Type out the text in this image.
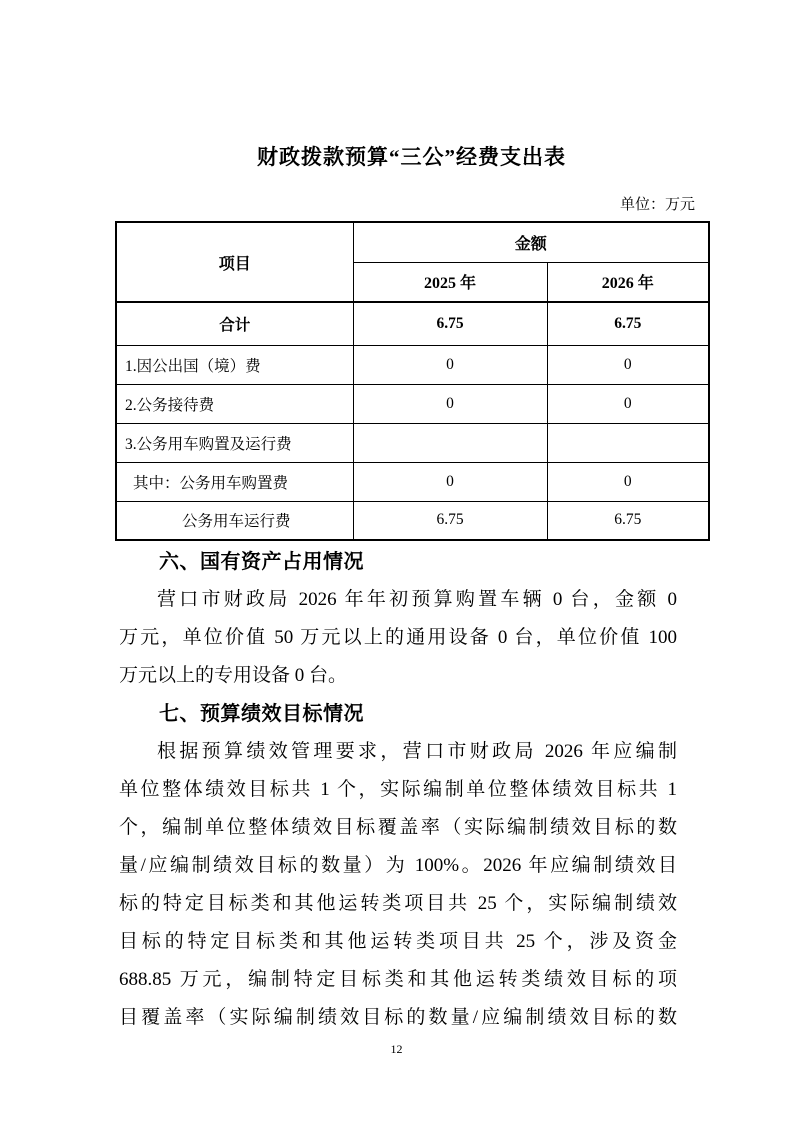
财政拨款预算“三公”经费支出表
单位：万元
项目	金额	
	2025 年	2026 年
合计	6.75	6.75
1.因公出国（境）费	0	0
2.公务接待费	0	0
3.公务用车购置及运行费		
其中：公务用车购置费	0	0
公务用车运行费	6.75	6.75
六、国有资产占用情况
营口市财政局 2026 年年初预算购置车辆 0 台，金额 0
万元，单位价值 50 万元以上的通用设备 0 台，单位价值 100
万元以上的专用设备 0 台。
七、预算绩效目标情况
根据预算绩效管理要求，营口市财政局 2026 年应编制
单位整体绩效目标共 1 个，实际编制单位整体绩效目标共 1
个，编制单位整体绩效目标覆盖率（实际编制绩效目标的数
量/应编制绩效目标的数量）为 100%。2026 年应编制绩效目
标的特定目标类和其他运转类项目共 25 个，实际编制绩效
目标的特定目标类和其他运转类项目共 25 个，涉及资金
688.85 万元，编制特定目标类和其他运转类绩效目标的项
目覆盖率（实际编制绩效目标的数量/应编制绩效目标的数
12
